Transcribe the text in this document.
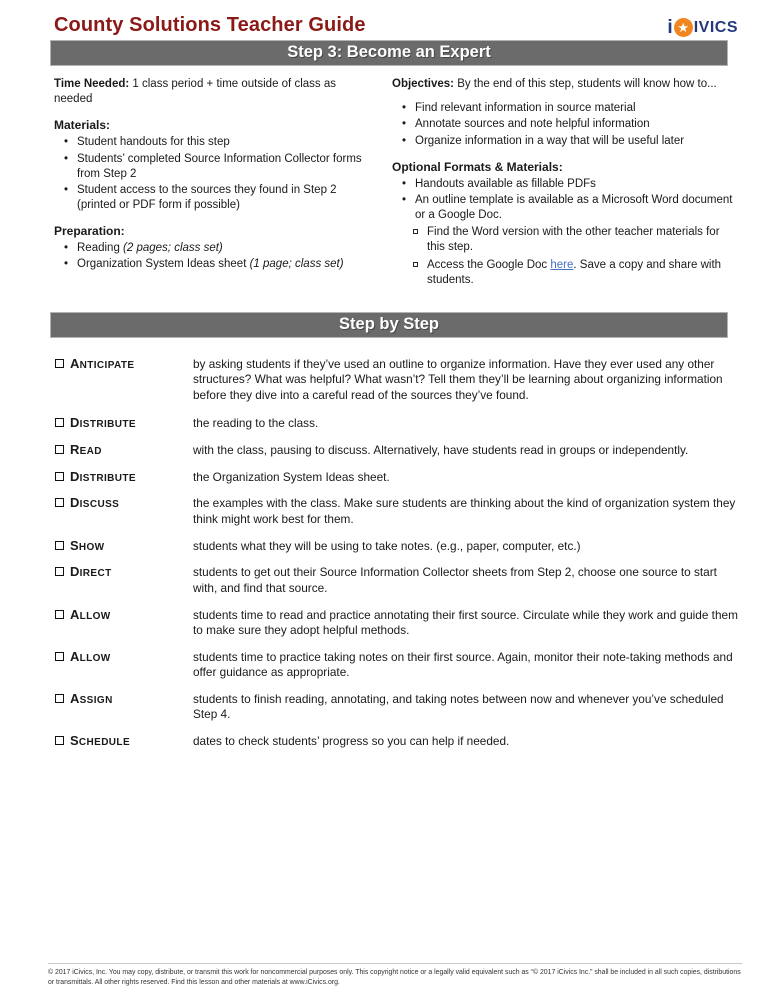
County Solutions Teacher Guide	i ★ IVICS
Step 3: Become an Expert

Time Needed: 1 class period + time outside of class as needed

Materials:
• Student handouts for this step
• Students’ completed Source Information Collector forms from Step 2
• Student access to the sources they found in Step 2 (printed or PDF form if possible)
Preparation:
• Reading (2 pages; class set)
• Organization System Ideas sheet (1 page; class set)

Objectives: By the end of this step, students will know how to...

• Find relevant information in source material
• Annotate sources and note helpful information
• Organize information in a way that will be useful later
Optional Formats & Materials:
• Handouts available as fillable PDFs
• An outline template is available as a Microsoft Word document or a Google Doc.
Find the Word version with the other teacher materials for this step.
Access the Google Doc here. Save a copy and share with students.
Step by Step
ANTICIPATE	by asking students if they’ve used an outline to organize information. Have they ever used any other structures? What was helpful? What wasn’t? Tell them they’ll be learning about organizing information before they dive into a careful read of the sources they’ve found.
DISTRIBUTE	the reading to the class.
READ	with the class, pausing to discuss. Alternatively, have students read in groups or independently.
DISTRIBUTE	the Organization System Ideas sheet.
DISCUSS	the examples with the class. Make sure students are thinking about the kind of organization system they think might work best for them.
SHOW	students what they will be using to take notes. (e.g., paper, computer, etc.)
DIRECT	students to get out their Source Information Collector sheets from Step 2, choose one source to start with, and find that source.
ALLOW	students time to read and practice annotating their first source. Circulate while they work and guide them to make sure they adopt helpful methods.
ALLOW	students time to practice taking notes on their first source. Again, monitor their note-taking methods and offer guidance as appropriate.
ASSIGN	students to finish reading, annotating, and taking notes between now and whenever you’ve scheduled Step 4.
SCHEDULE	dates to check students’ progress so you can help if needed.
© 2017 iCivics, Inc. You may copy, distribute, or transmit this work for noncommercial purposes only. This copyright notice or a legally valid equivalent such as “© 2017 iCivics Inc.” shall be included in all such copies, distributions or transmittals. All other rights reserved. Find this lesson and other materials at www.iCivics.org.
